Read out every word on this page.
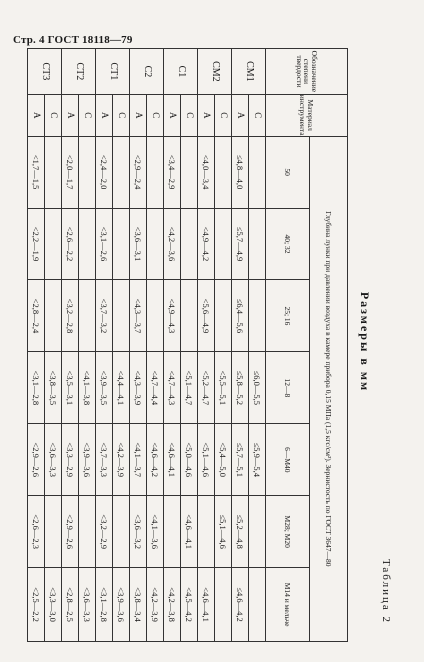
Стр. 4 ГОСТ 18118—79
Таблица 2
Размеры в мм
Обозначение степени твердости	Материал инструмента	Глубина лунки при давлении воздуха в камере прибора 0,15 МПа (1,5 кгс/см²). Зернистость по ГОСТ 3647—80						
		50	40; 32	25; 16	12—8	6—М40	М28; М20	М14 и мельче
СМ1	С				≤6,0—5,5	≤5,9—5,4		
	А	≤4,8—4,0	≤5,7—4,9	≤6,4—5,6	≤5,8—5,2	≤5,7—5,1	≤5,2—4,8	≤4,6—4,2
СМ2	С				<5,5—5,1	<5,4—5,0	≤5,1—4,6	
	А	<4,0—3,4	<4,9—4,2	<5,6—4,9	<5,2—4,7	<5,1—4,6		<4,6—4,1
С1	С				<5,1—4,7	<5,0—4,6	<4,6—4,1	<4,5—4,2
	А	<3,4—2,9	<4,2—3,6	<4,9—4,3	<4,7—4,3	<4,6—4,1		<4,2—3,8
С2	С				<4,7—4,4	<4,6—4,2	<4,1—3,6	<4,2—3,9
	А	<2,9—2,4	<3,6—3,1	<4,3—3,7	<4,3—3,9	<4,1—3,7	<3,6—3,2	<3,8—3,4
СТ1	С				<4,4—4,1	<4,2—3,9		<3,9—3,6
	А	<2,4—2,0	<3,1—2,6	<3,7—3,2	<3,9—3,5	<3,7—3,3	<3,2—2,9	<3,1—2,8
СТ2	С				<4,1—3,8	<3,9—3,6		<3,6—3,3
	А	<2,0—1,7	<2,6—2,2	<3,2—2,8	<3,5—3,1	<3,3—2,9	<2,9—2,6	<2,8—2,5
СТ3	С				<3,8—3,5	<3,6—3,3		<3,3—3,0
	А	<1,7—1,5	<2,2—1,9	<2,8—2,4	<3,1—2,8	<2,9—2,6	<2,6—2,3	<2,5—2,2
